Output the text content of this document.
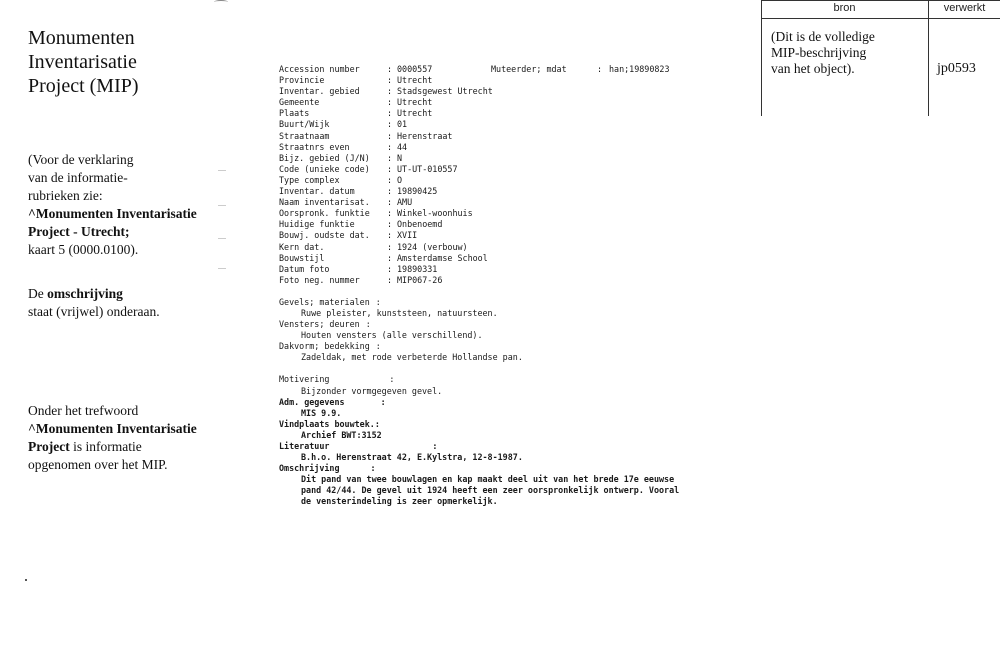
Monumenten
Inventarisatie
Project (MIP)
(Voor de verklaring
van de informatie-
rubrieken zie:
^Monumenten Inventarisatie
Project - Utrecht;
kaart 5 (0000.0100).
De omschrijving
staat (vrijwel) onderaan.
Onder het trefwoord
^Monumenten Inventarisatie
Project is informatie
opgenomen over het MIP.
bron	verwerkt
(Dit is de volledige
MIP-beschrijving
van het object).	jp0593
Accession number	: 0000557	Muteerder; mdat	: han;19890823
Provincie	: Utrecht
Inventar. gebied	: Stadsgewest Utrecht
Gemeente	: Utrecht
Plaats	: Utrecht
Buurt/Wijk	: 01
Straatnaam	: Herenstraat
Straatnrs even	: 44
Bijz. gebied (J/N) : N
Code (unieke code) : UT-UT-010557
Type complex	: O
Inventar. datum	: 19890425
Naam inventarisat. : AMU
Oorspronk. funktie : Winkel-woonhuis
Huidige funktie	: Onbenoemd
Bouwj. oudste dat. : XVII
Kern dat.	: 1924 (verbouw)
Bouwstijl	: Amsterdamse School
Datum foto	: 19890331
Foto neg. nummer	: MIP067-26
Gevels; materialen :
Ruwe pleister, kunststeen, natuursteen.
Vensters; deuren :
Houten vensters (alle verschillend).
Dakvorm; bedekking :
Zadeldak, met rode verbeterde Hollandse pan.
Motivering	:
Bijzonder vormgegeven gevel.
Adm. gegevens	:
MIS 9.9.
Vindplaats bouwtek.:
Archief BWT:3152
Literatuur	:
B.h.o. Herenstraat 42, E.Kylstra, 12-8-1987.
Omschrijving	:
Dit pand van twee bouwlagen en kap maakt deel uit van het brede 17e eeuwse
pand 42/44. De gevel uit 1924 heeft een zeer oorspronkelijk ontwerp. Vooral
de vensterindeling is zeer opmerkelijk.
